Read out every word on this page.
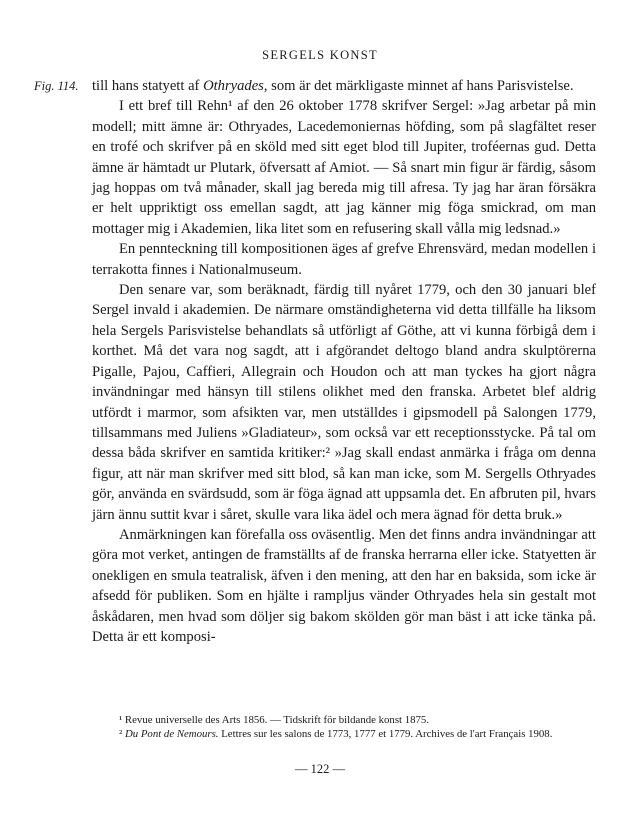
SERGELS KONST
Fig. 114. till hans statyett af Othryades, som är det märkligaste minnet af hans Parisvistelse.

I ett bref till Rehn¹ af den 26 oktober 1778 skrifver Sergel: »Jag arbetar på min modell; mitt ämne är: Othryades, Lacedemoniernas höfding, som på slagfältet reser en trofé och skrifver på en sköld med sitt eget blod till Jupiter, troféernas gud. Detta ämne är hämtadt ur Plutark, öfversatt af Amiot. — Så snart min figur är färdig, såsom jag hoppas om två månader, skall jag bereda mig till afresa. Ty jag har äran försäkra er helt uppriktigt oss emellan sagdt, att jag känner mig föga smickrad, om man mottager mig i Akademien, lika litet som en refusering skall vålla mig ledsnad.»

En pennteckning till kompositionen äges af grefve Ehrensvärd, medan modellen i terrakotta finnes i Nationalmuseum.

Den senare var, som beräknadt, färdig till nyåret 1779, och den 30 januari blef Sergel invald i akademien. De närmare omständigheterna vid detta tillfälle ha liksom hela Sergels Parisvistelse behandlats så utförligt af Göthe, att vi kunna förbigå dem i korthet. Må det vara nog sagdt, att i afgörandet deltogo bland andra skulptörerna Pigalle, Pajou, Caffieri, Allegrain och Houdon och att man tyckes ha gjort några invändningar med hänsyn till stilens olikhet med den franska. Arbetet blef aldrig utfördt i marmor, som afsikten var, men utställdes i gipsmodell på Salongen 1779, tillsammans med Juliens »Gladiateur», som också var ett receptionsstycke. På tal om dessa båda skrifver en samtida kritiker:² »Jag skall endast anmärka i fråga om denna figur, att när man skrifver med sitt blod, så kan man icke, som M. Sergells Othryades gör, använda en svärdsudd, som är föga ägnad att uppsamla det. En afbruten pil, hvars järn ännu suttit kvar i såret, skulle vara lika ädel och mera ägnad för detta bruk.»

Anmärkningen kan förefalla oss oväsentlig. Men det finns andra invändningar att göra mot verket, antingen de framställts af de franska herrarna eller icke. Statyetten är onekligen en smula teatralisk, äfven i den mening, att den har en baksida, som icke är afsedd för publiken. Som en hjälte i rampljus vänder Othryades hela sin gestalt mot åskådaren, men hvad som döljer sig bakom skölden gör man bäst i att icke tänka på. Detta är ett komposi-

¹ Revue universelle des Arts 1856. — Tidskrift för bildande konst 1875.

² Du Pont de Nemours. Lettres sur les salons de 1773, 1777 et 1779. Archives de l'art Français 1908.

— 122 —
